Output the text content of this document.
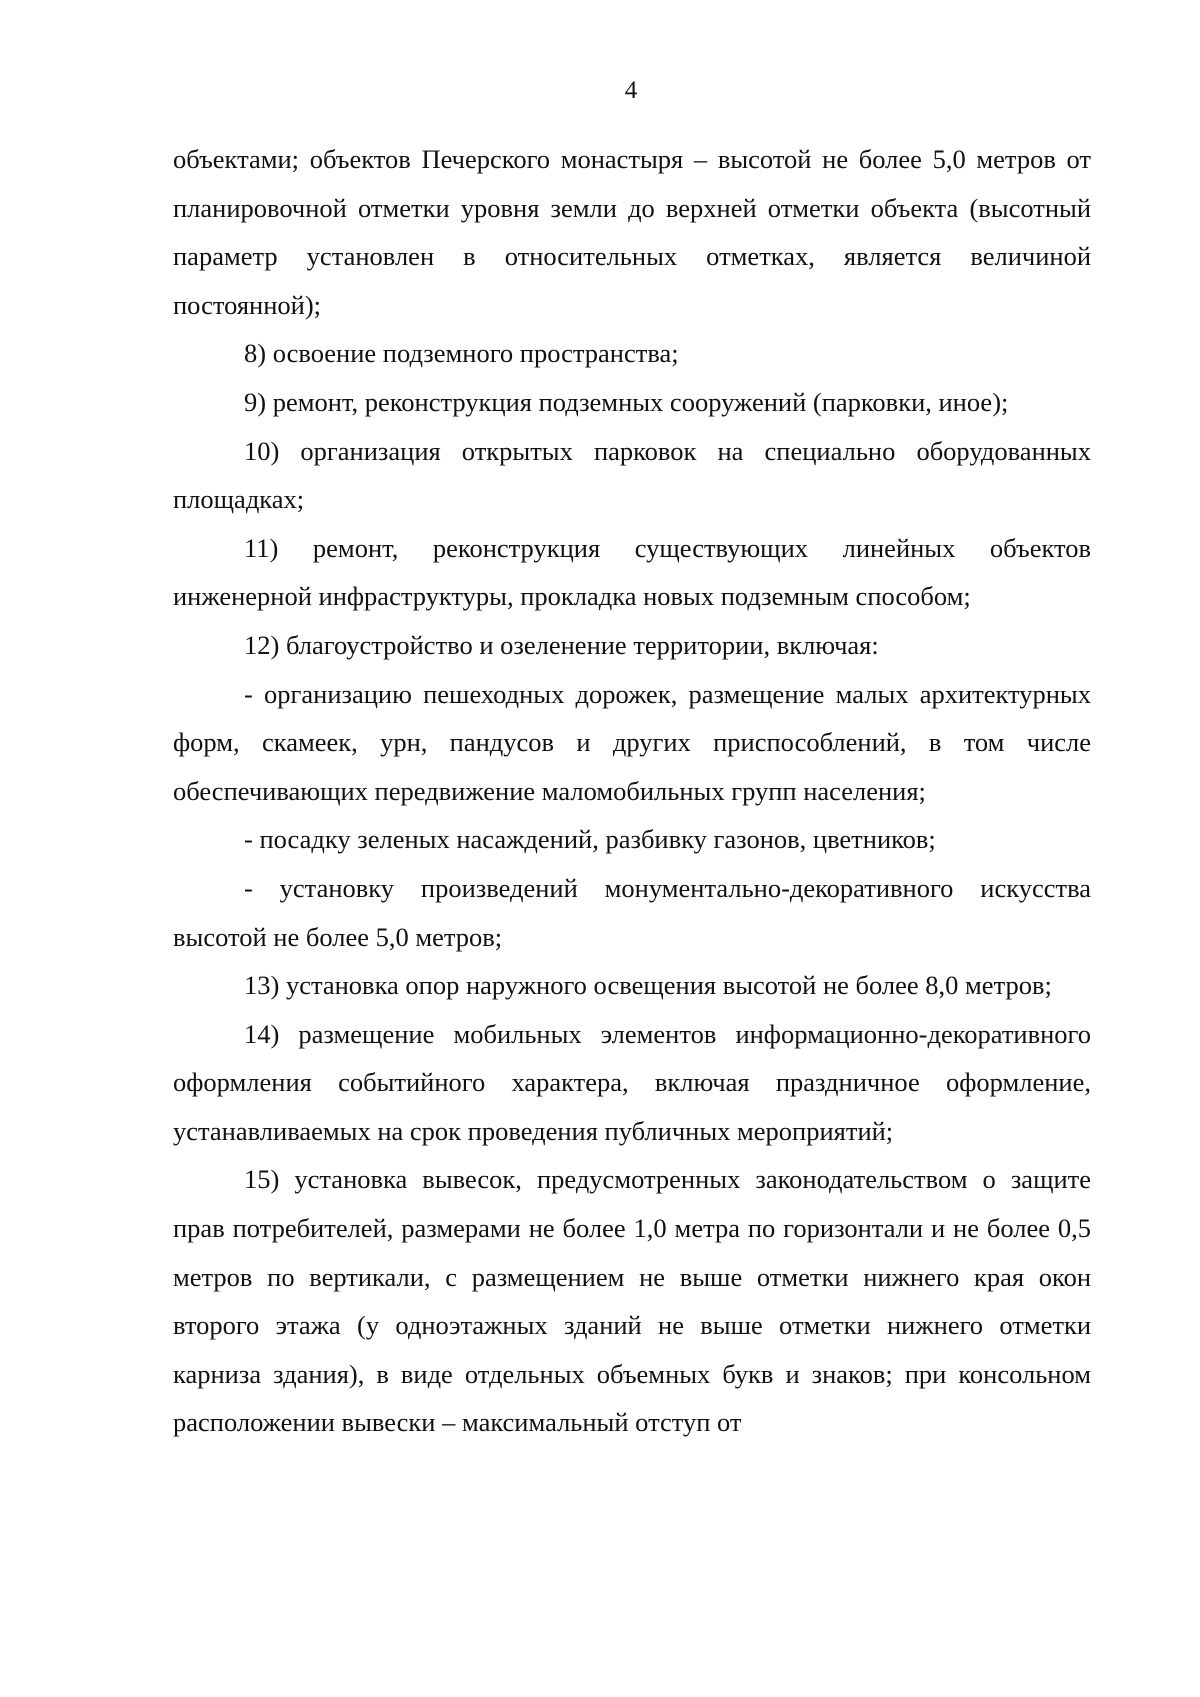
4

объектами; объектов Печерского монастыря – высотой не более 5,0 метров от планировочной отметки уровня земли до верхней отметки объекта (высотный параметр установлен в относительных отметках, является величиной постоянной);

8) освоение подземного пространства;

9) ремонт, реконструкция подземных сооружений (парковки, иное);

10) организация открытых парковок на специально оборудованных площадках;

11) ремонт, реконструкция существующих линейных объектов инженерной инфраструктуры, прокладка новых подземным способом;

12) благоустройство и озеленение территории, включая:

- организацию пешеходных дорожек, размещение малых архитектурных форм, скамеек, урн, пандусов и других приспособлений, в том числе обеспечивающих передвижение маломобильных групп населения;

- посадку зеленых насаждений, разбивку газонов, цветников;

- установку произведений монументально-декоративного искусства высотой не более 5,0 метров;

13) установка опор наружного освещения высотой не более 8,0 метров;

14) размещение мобильных элементов информационно-декоративного оформления событийного характера, включая праздничное оформление, устанавливаемых на срок проведения публичных мероприятий;

15) установка вывесок, предусмотренных законодательством о защите прав потребителей, размерами не более 1,0 метра по горизонтали и не более 0,5 метров по вертикали, с размещением не выше отметки нижнего края окон второго этажа (у одноэтажных зданий не выше отметки нижнего отметки карниза здания), в виде отдельных объемных букв и знаков; при консольном расположении вывески – максимальный отступ от
